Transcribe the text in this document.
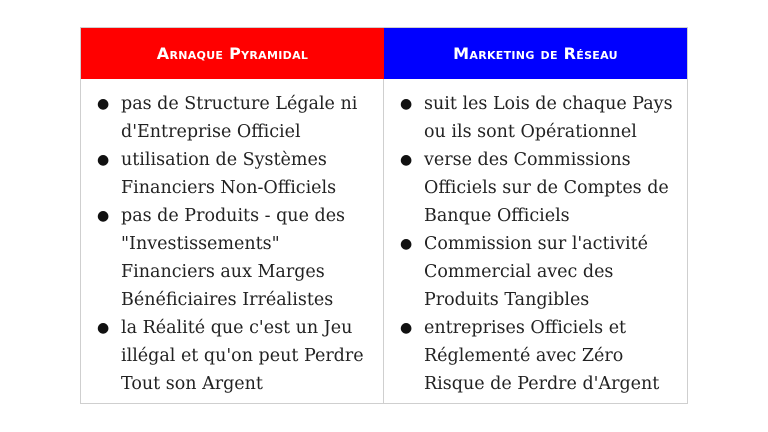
Arnaque Pyramidal	Marketing de Réseau
● pas de Structure Légale ni d'Entreprise Officiel
● utilisation de Systèmes Financiers Non-Officiels
● pas de Produits - que des "Investissements" Financiers aux Marges Bénéficiaires Irréalistes
● la Réalité que c'est un Jeu illégal et qu'on peut Perdre Tout son Argent
● suit les Lois de chaque Pays ou ils sont Opérationnel
● verse des Commissions Officiels sur de Comptes de Banque Officiels
● Commission sur l'activité Commercial avec des Produits Tangibles
● entreprises Officiels et Réglementé avec Zéro Risque de Perdre d'Argent
